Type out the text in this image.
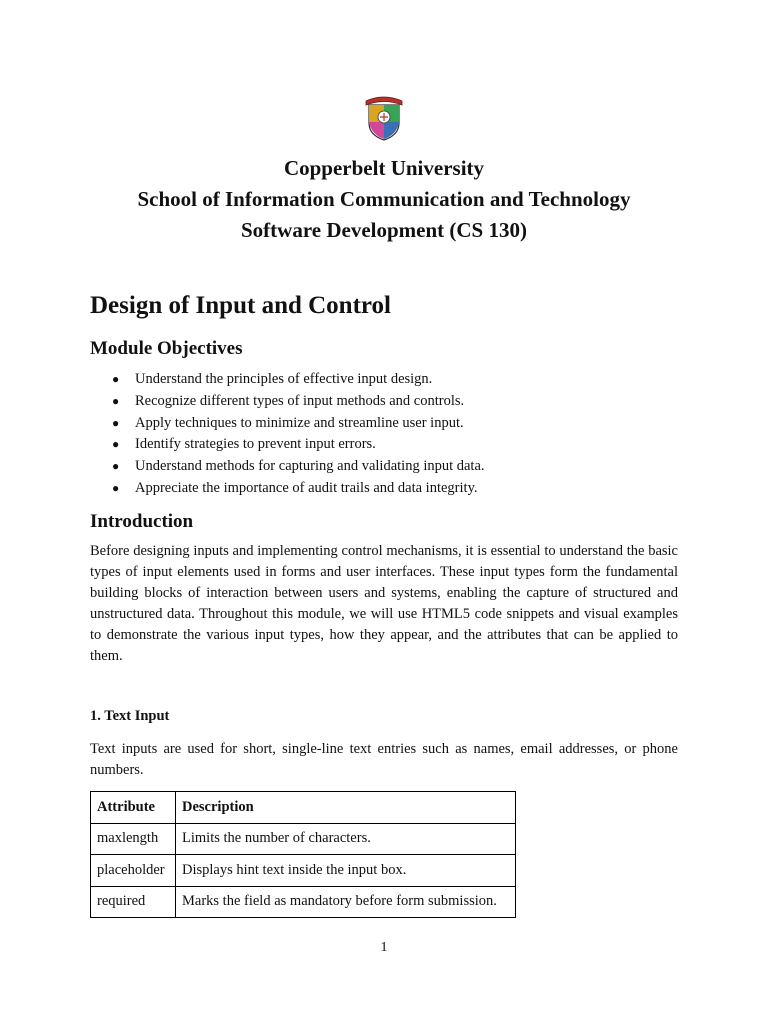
Copperbelt University
School of Information Communication and Technology
Software Development (CS 130)
Design of Input and Control
Module Objectives
● Understand the principles of effective input design.
● Recognize different types of input methods and controls.
● Apply techniques to minimize and streamline user input.
● Identify strategies to prevent input errors.
● Understand methods for capturing and validating input data.
● Appreciate the importance of audit trails and data integrity.
Introduction

Before designing inputs and implementing control mechanisms, it is essential to understand the basic types of input elements used in forms and user interfaces. These input types form the fundamental building blocks of interaction between users and systems, enabling the capture of structured and unstructured data. Throughout this module, we will use HTML5 code snippets and visual examples to demonstrate the various input types, how they appear, and the attributes that can be applied to them.

1. Text Input

Text inputs are used for short, single-line text entries such as names, email addresses, or phone numbers.

Attribute	Description
maxlength	Limits the number of characters.
placeholder	Displays hint text inside the input box.
required	Marks the field as mandatory before form submission.
1
